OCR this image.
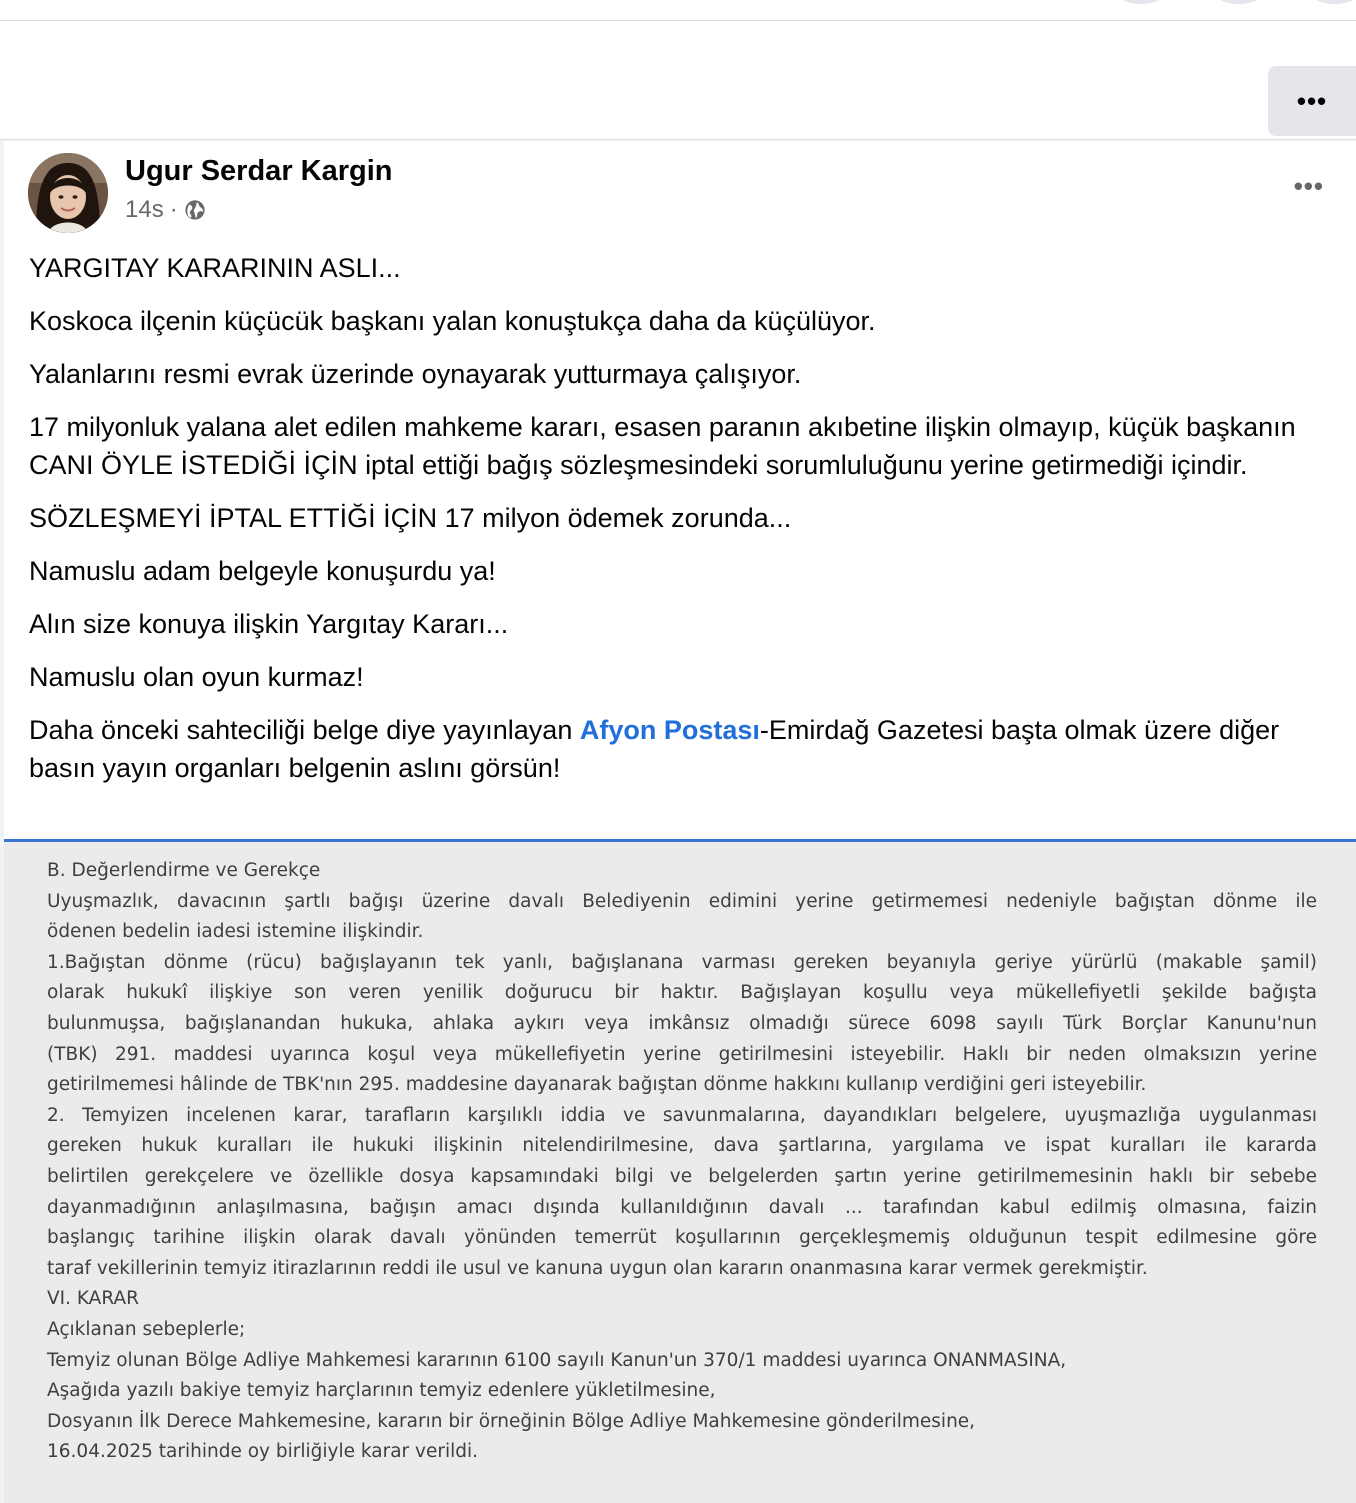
•••
Ugur Serdar Kargin
14s ·
•••

YARGITAY KARARININ ASLI...

Koskoca ilçenin küçücük başkanı yalan konuştukça daha da küçülüyor.

Yalanlarını resmi evrak üzerinde oynayarak yutturmaya çalışıyor.

17 milyonluk yalana alet edilen mahkeme kararı, esasen paranın akıbetine ilişkin olmayıp, küçük başkanın CANI ÖYLE İSTEDİĞİ İÇİN iptal ettiği bağış sözleşmesindeki sorumluluğunu yerine getirmediği içindir.

SÖZLEŞMEYİ İPTAL ETTİĞİ İÇİN 17 milyon ödemek zorunda...

Namuslu adam belgeyle konuşurdu ya!

Alın size konuya ilişkin Yargıtay Kararı...

Namuslu olan oyun kurmaz!

Daha önceki sahteciliği belge diye yayınlayan Afyon Postası-Emirdağ Gazetesi başta olmak üzere diğer basın yayın organları belgenin aslını görsün!

B. Değerlendirme ve Gerekçe
Uyuşmazlık, davacının şartlı bağışı üzerine davalı Belediyenin edimini yerine getirmemesi nedeniyle bağıştan dönme ile
ödenen bedelin iadesi istemine ilişkindir.
1.Bağıştan dönme (rücu) bağışlayanın tek yanlı, bağışlanana varması gereken beyanıyla geriye yürürlü (makable şamil)
olarak hukukî ilişkiye son veren yenilik doğurucu bir haktır. Bağışlayan koşullu veya mükellefiyetli şekilde bağışta
bulunmuşsa, bağışlanandan hukuka, ahlaka aykırı veya imkânsız olmadığı sürece 6098 sayılı Türk Borçlar Kanunu'nun
(TBK) 291. maddesi uyarınca koşul veya mükellefiyetin yerine getirilmesini isteyebilir. Haklı bir neden olmaksızın yerine
getirilmemesi hâlinde de TBK'nın 295. maddesine dayanarak bağıştan dönme hakkını kullanıp verdiğini geri isteyebilir.
2. Temyizen incelenen karar, tarafların karşılıklı iddia ve savunmalarına, dayandıkları belgelere, uyuşmazlığa uygulanması
gereken hukuk kuralları ile hukuki ilişkinin nitelendirilmesine, dava şartlarına, yargılama ve ispat kuralları ile kararda
belirtilen gerekçelere ve özellikle dosya kapsamındaki bilgi ve belgelerden şartın yerine getirilmemesinin haklı bir sebebe
dayanmadığının anlaşılmasına, bağışın amacı dışında kullanıldığının davalı ... tarafından kabul edilmiş olmasına, faizin
başlangıç tarihine ilişkin olarak davalı yönünden temerrüt koşullarının gerçekleşmemiş olduğunun tespit edilmesine göre
taraf vekillerinin temyiz itirazlarının reddi ile usul ve kanuna uygun olan kararın onanmasına karar vermek gerekmiştir.
VI. KARAR
Açıklanan sebeplerle;
Temyiz olunan Bölge Adliye Mahkemesi kararının 6100 sayılı Kanun'un 370/1 maddesi uyarınca ONANMASINA,
Aşağıda yazılı bakiye temyiz harçlarının temyiz edenlere yükletilmesine,
Dosyanın İlk Derece Mahkemesine, kararın bir örneğinin Bölge Adliye Mahkemesine gönderilmesine,
16.04.2025 tarihinde oy birliğiyle karar verildi.
